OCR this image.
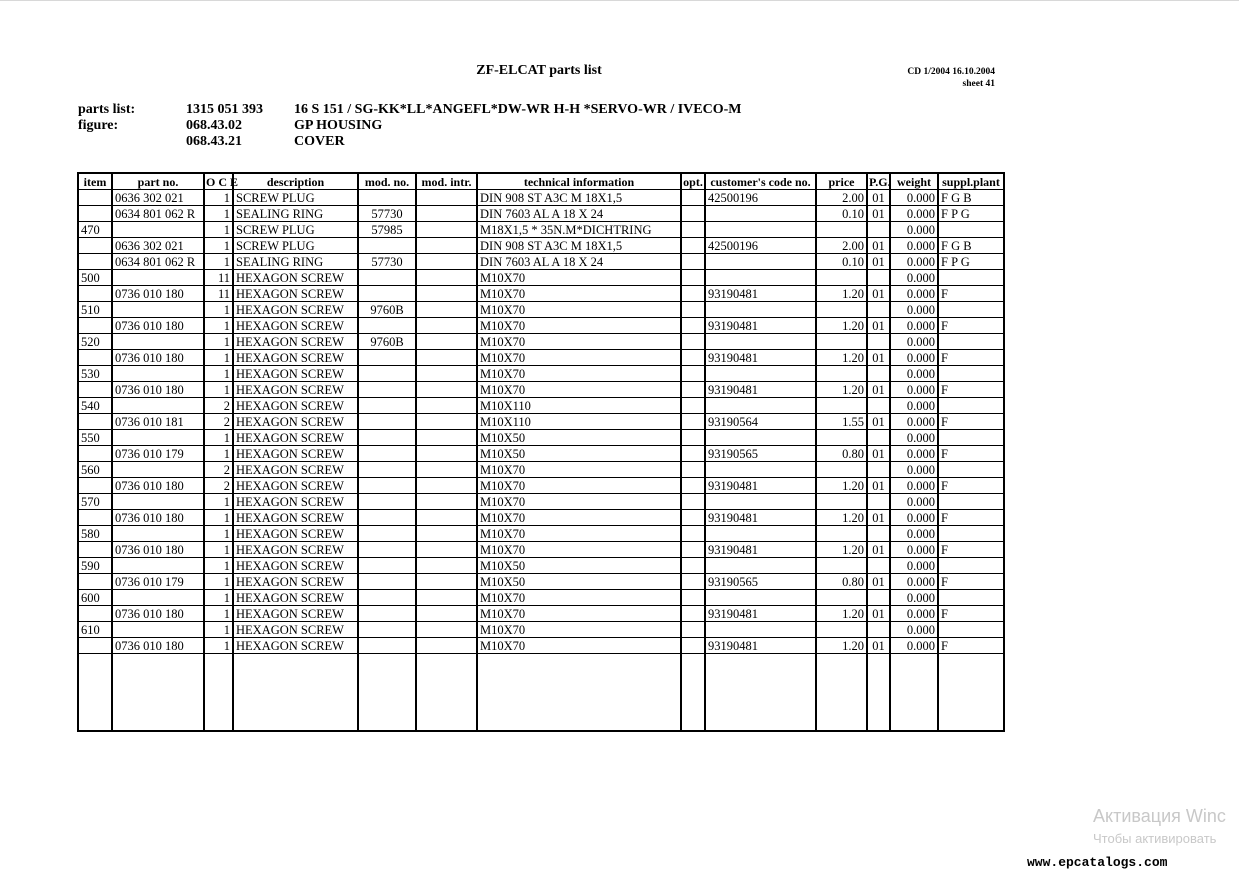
ZF-ELCAT parts list	CD 1/2004 16.10.2004
sheet 41
parts list:	1315 051 393 16 S 151 / SG-KK*LL*ANGEFL*DW-WR H-H *SERVO-WR / IVECO-M
figure:	068.43.02	GP HOUSING
068.43.21	COVER
item	part no.	O C E	description	mod. no.	mod. intr.	technical information	opt.	customer's code no.	price	P.G.	weight	suppl.plant
	0636 302 021	1	SCREW PLUG			DIN 908 ST A3C M 18X1,5		42500196	2.00	01	0.000	F G B
	0634 801 062 R	1	SEALING RING	57730		DIN 7603 AL A 18 X 24			0.10	01	0.000	F P G
470		1	SCREW PLUG	57985		M18X1,5 * 35N.M*DICHTRING					0.000	
	0636 302 021	1	SCREW PLUG			DIN 908 ST A3C M 18X1,5		42500196	2.00	01	0.000	F G B
	0634 801 062 R	1	SEALING RING	57730		DIN 7603 AL A 18 X 24			0.10	01	0.000	F P G
500		11	HEXAGON SCREW			M10X70					0.000	
	0736 010 180	11	HEXAGON SCREW			M10X70		93190481	1.20	01	0.000	F
510		1	HEXAGON SCREW	9760B		M10X70					0.000	
	0736 010 180	1	HEXAGON SCREW			M10X70		93190481	1.20	01	0.000	F
520		1	HEXAGON SCREW	9760B		M10X70					0.000	
	0736 010 180	1	HEXAGON SCREW			M10X70		93190481	1.20	01	0.000	F
530		1	HEXAGON SCREW			M10X70					0.000	
	0736 010 180	1	HEXAGON SCREW			M10X70		93190481	1.20	01	0.000	F
540		2	HEXAGON SCREW			M10X110					0.000	
	0736 010 181	2	HEXAGON SCREW			M10X110		93190564	1.55	01	0.000	F
550		1	HEXAGON SCREW			M10X50					0.000	
	0736 010 179	1	HEXAGON SCREW			M10X50		93190565	0.80	01	0.000	F
560		2	HEXAGON SCREW			M10X70					0.000	
	0736 010 180	2	HEXAGON SCREW			M10X70		93190481	1.20	01	0.000	F
570		1	HEXAGON SCREW			M10X70					0.000	
	0736 010 180	1	HEXAGON SCREW			M10X70		93190481	1.20	01	0.000	F
580		1	HEXAGON SCREW			M10X70					0.000	
	0736 010 180	1	HEXAGON SCREW			M10X70		93190481	1.20	01	0.000	F
590		1	HEXAGON SCREW			M10X50					0.000	
	0736 010 179	1	HEXAGON SCREW			M10X50		93190565	0.80	01	0.000	F
600		1	HEXAGON SCREW			M10X70					0.000	
	0736 010 180	1	HEXAGON SCREW			M10X70		93190481	1.20	01	0.000	F
610		1	HEXAGON SCREW			M10X70					0.000	
	0736 010 180	1	HEXAGON SCREW			M10X70		93190481	1.20	01	0.000	F

Активация Winc
Чтобы активировать
www.epcatalogs.com
